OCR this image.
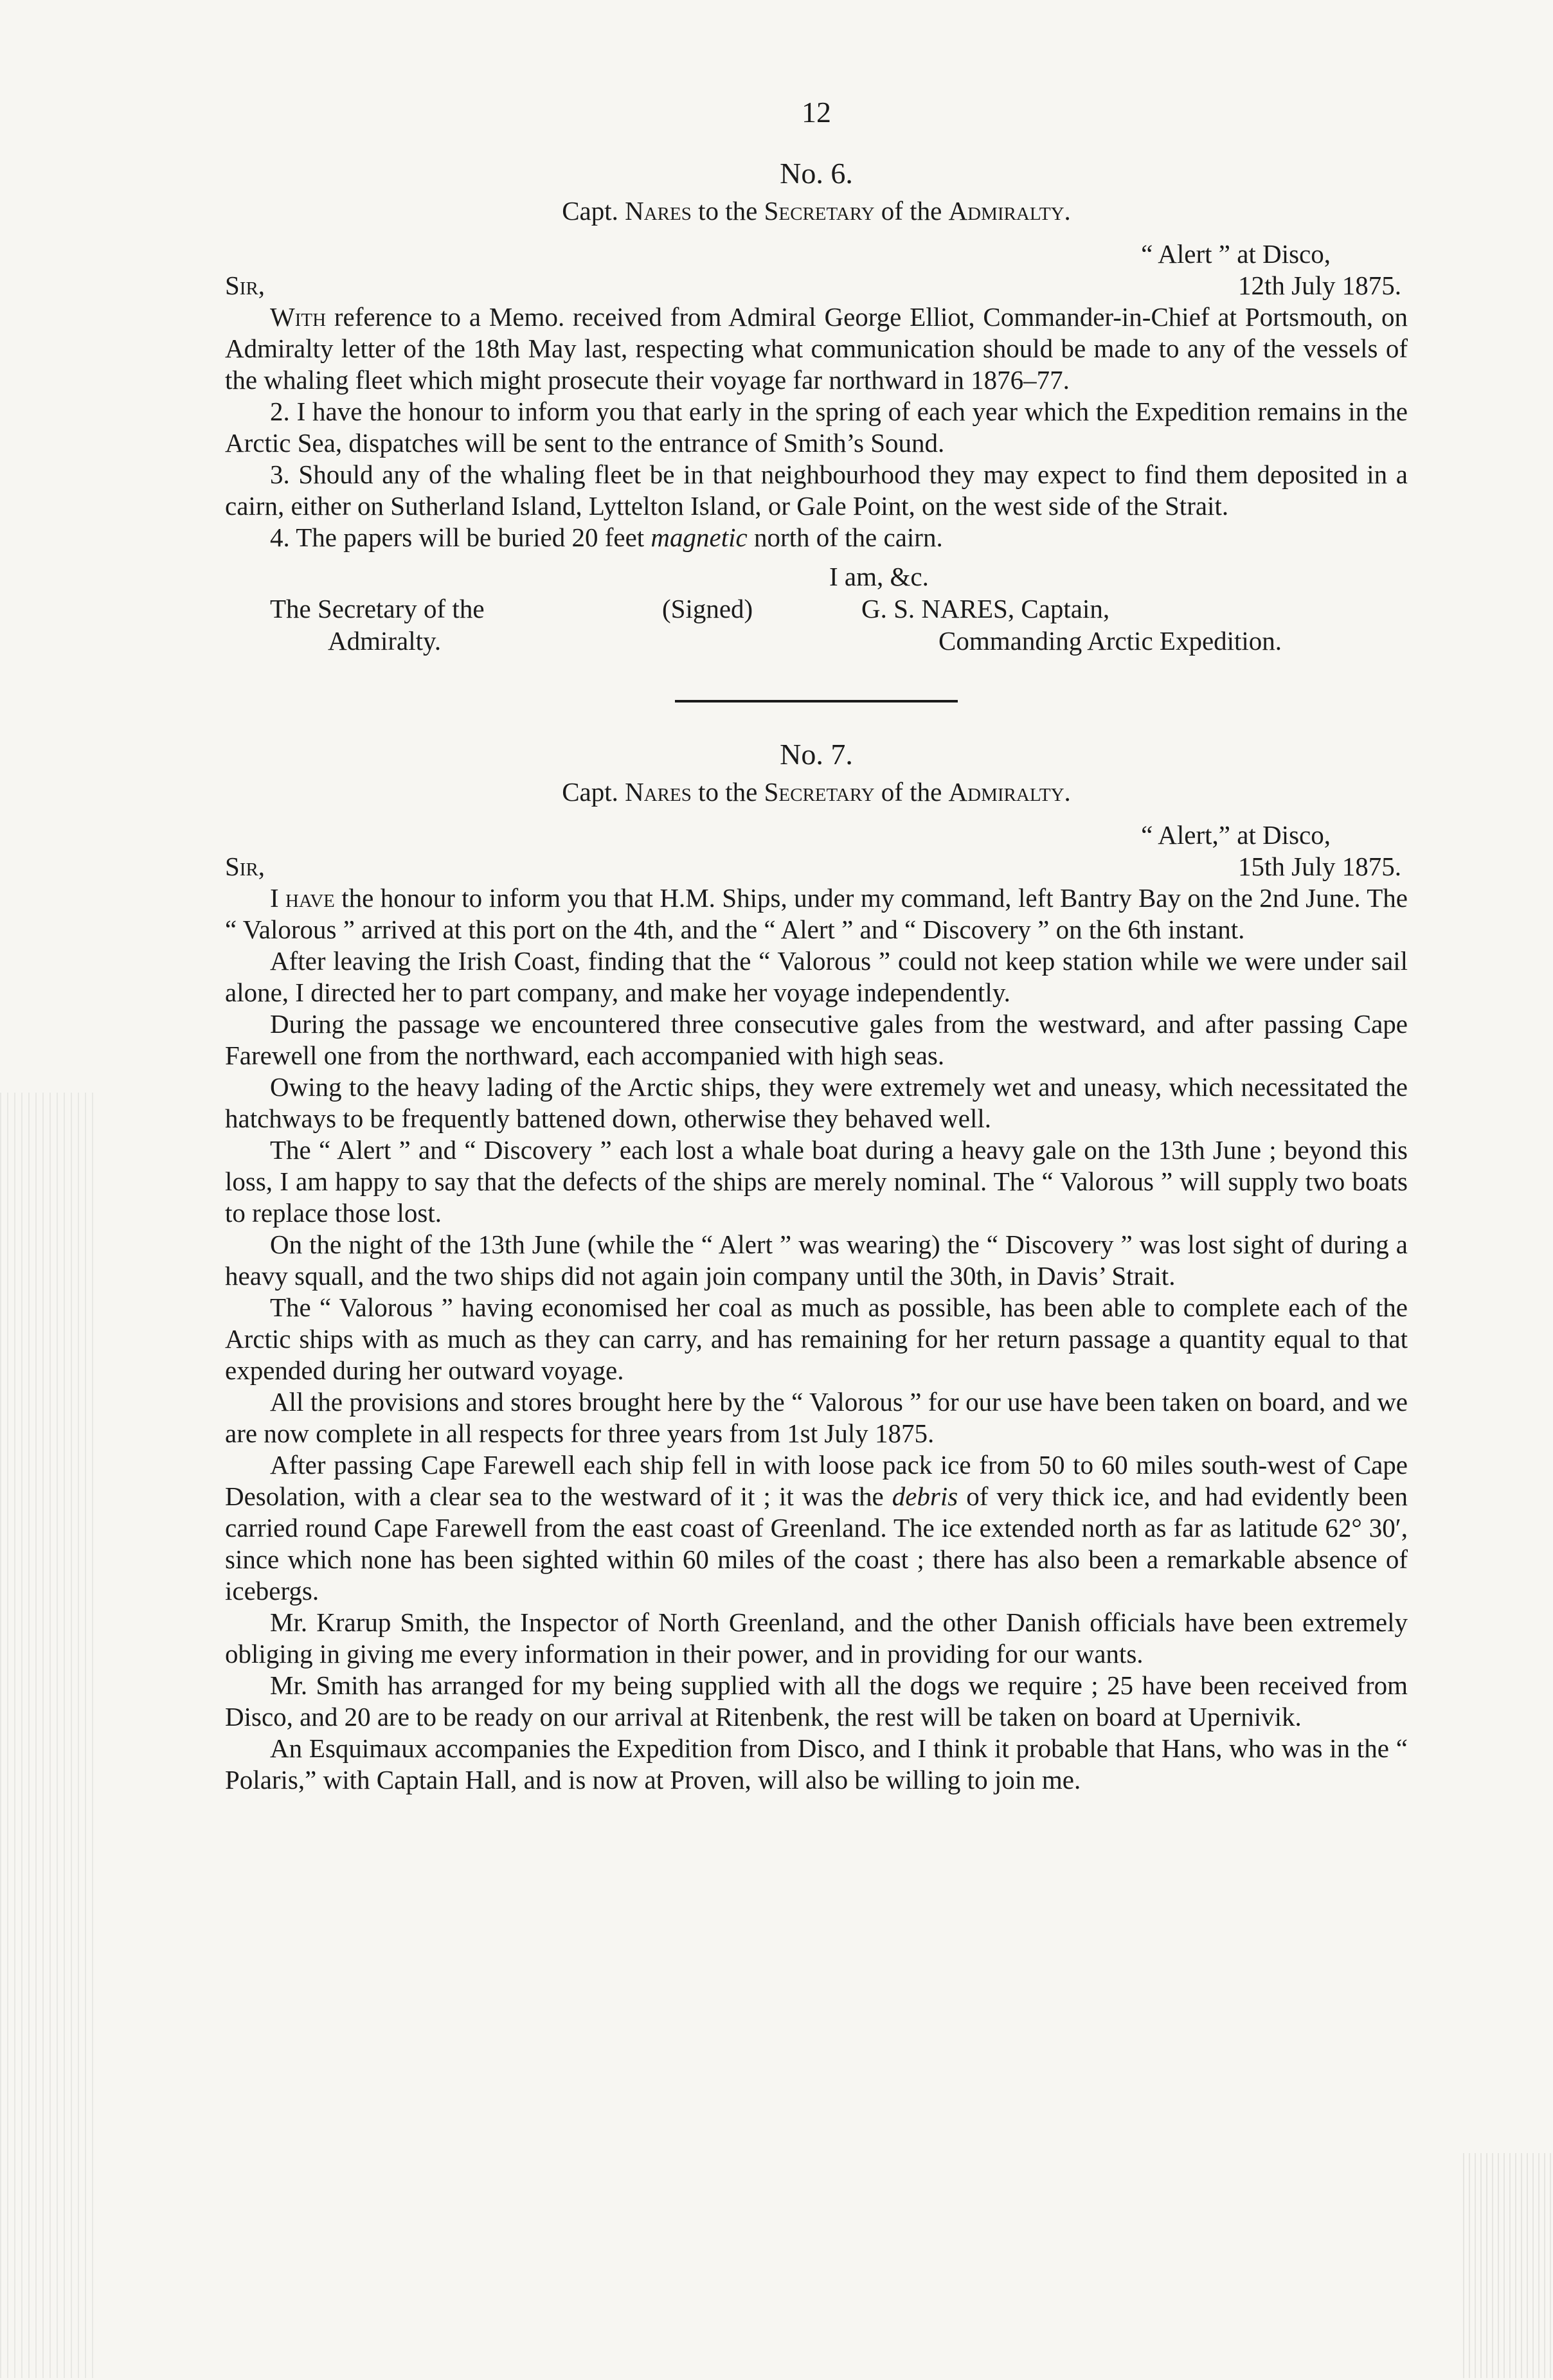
12

No. 6.

Capt. Nares to the Secretary of the Admiralty.

“ Alert ” at Disco,

Sir,	12th July 1875.

With reference to a Memo. received from Admiral George Elliot, Commander-in-Chief at Portsmouth, on Admiralty letter of the 18th May last, respecting what communication should be made to any of the vessels of the whaling fleet which might prosecute their voyage far northward in 1876–77.

2. I have the honour to inform you that early in the spring of each year which the Expedition remains in the Arctic Sea, dispatches will be sent to the entrance of Smith’s Sound.

3. Should any of the whaling fleet be in that neighbourhood they may expect to find them deposited in a cairn, either on Sutherland Island, Lyttelton Island, or Gale Point, on the west side of the Strait.

4. The papers will be buried 20 feet magnetic north of the cairn.

I am, &c.
The Secretary of the
Admiralty.
(Signed)	G. S. NARES, Captain,
Commanding Arctic Expedition.

No. 7.

Capt. Nares to the Secretary of the Admiralty.

“ Alert,” at Disco,

Sir,	15th July 1875.

I have the honour to inform you that H.M. Ships, under my command, left Bantry Bay on the 2nd June. The “ Valorous ” arrived at this port on the 4th, and the “ Alert ” and “ Discovery ” on the 6th instant.

After leaving the Irish Coast, finding that the “ Valorous ” could not keep station while we were under sail alone, I directed her to part company, and make her voyage independently.

During the passage we encountered three consecutive gales from the westward, and after passing Cape Farewell one from the northward, each accompanied with high seas.

Owing to the heavy lading of the Arctic ships, they were extremely wet and uneasy, which necessitated the hatchways to be frequently battened down, otherwise they behaved well.

The “ Alert ” and “ Discovery ” each lost a whale boat during a heavy gale on the 13th June ; beyond this loss, I am happy to say that the defects of the ships are merely nominal. The “ Valorous ” will supply two boats to replace those lost.

On the night of the 13th June (while the “ Alert ” was wearing) the “ Discovery ” was lost sight of during a heavy squall, and the two ships did not again join company until the 30th, in Davis’ Strait.

The “ Valorous ” having economised her coal as much as possible, has been able to complete each of the Arctic ships with as much as they can carry, and has remaining for her return passage a quantity equal to that expended during her outward voyage.

All the provisions and stores brought here by the “ Valorous ” for our use have been taken on board, and we are now complete in all respects for three years from 1st July 1875.

After passing Cape Farewell each ship fell in with loose pack ice from 50 to 60 miles south-west of Cape Desolation, with a clear sea to the westward of it ; it was the debris of very thick ice, and had evidently been carried round Cape Farewell from the east coast of Greenland. The ice extended north as far as latitude 62° 30′, since which none has been sighted within 60 miles of the coast ; there has also been a remarkable absence of icebergs.

Mr. Krarup Smith, the Inspector of North Greenland, and the other Danish officials have been extremely obliging in giving me every information in their power, and in providing for our wants.

Mr. Smith has arranged for my being supplied with all the dogs we require ; 25 have been received from Disco, and 20 are to be ready on our arrival at Ritenbenk, the rest will be taken on board at Upernivik.

An Esquimaux accompanies the Expedition from Disco, and I think it probable that Hans, who was in the “ Polaris,” with Captain Hall, and is now at Proven, will also be willing to join me.
